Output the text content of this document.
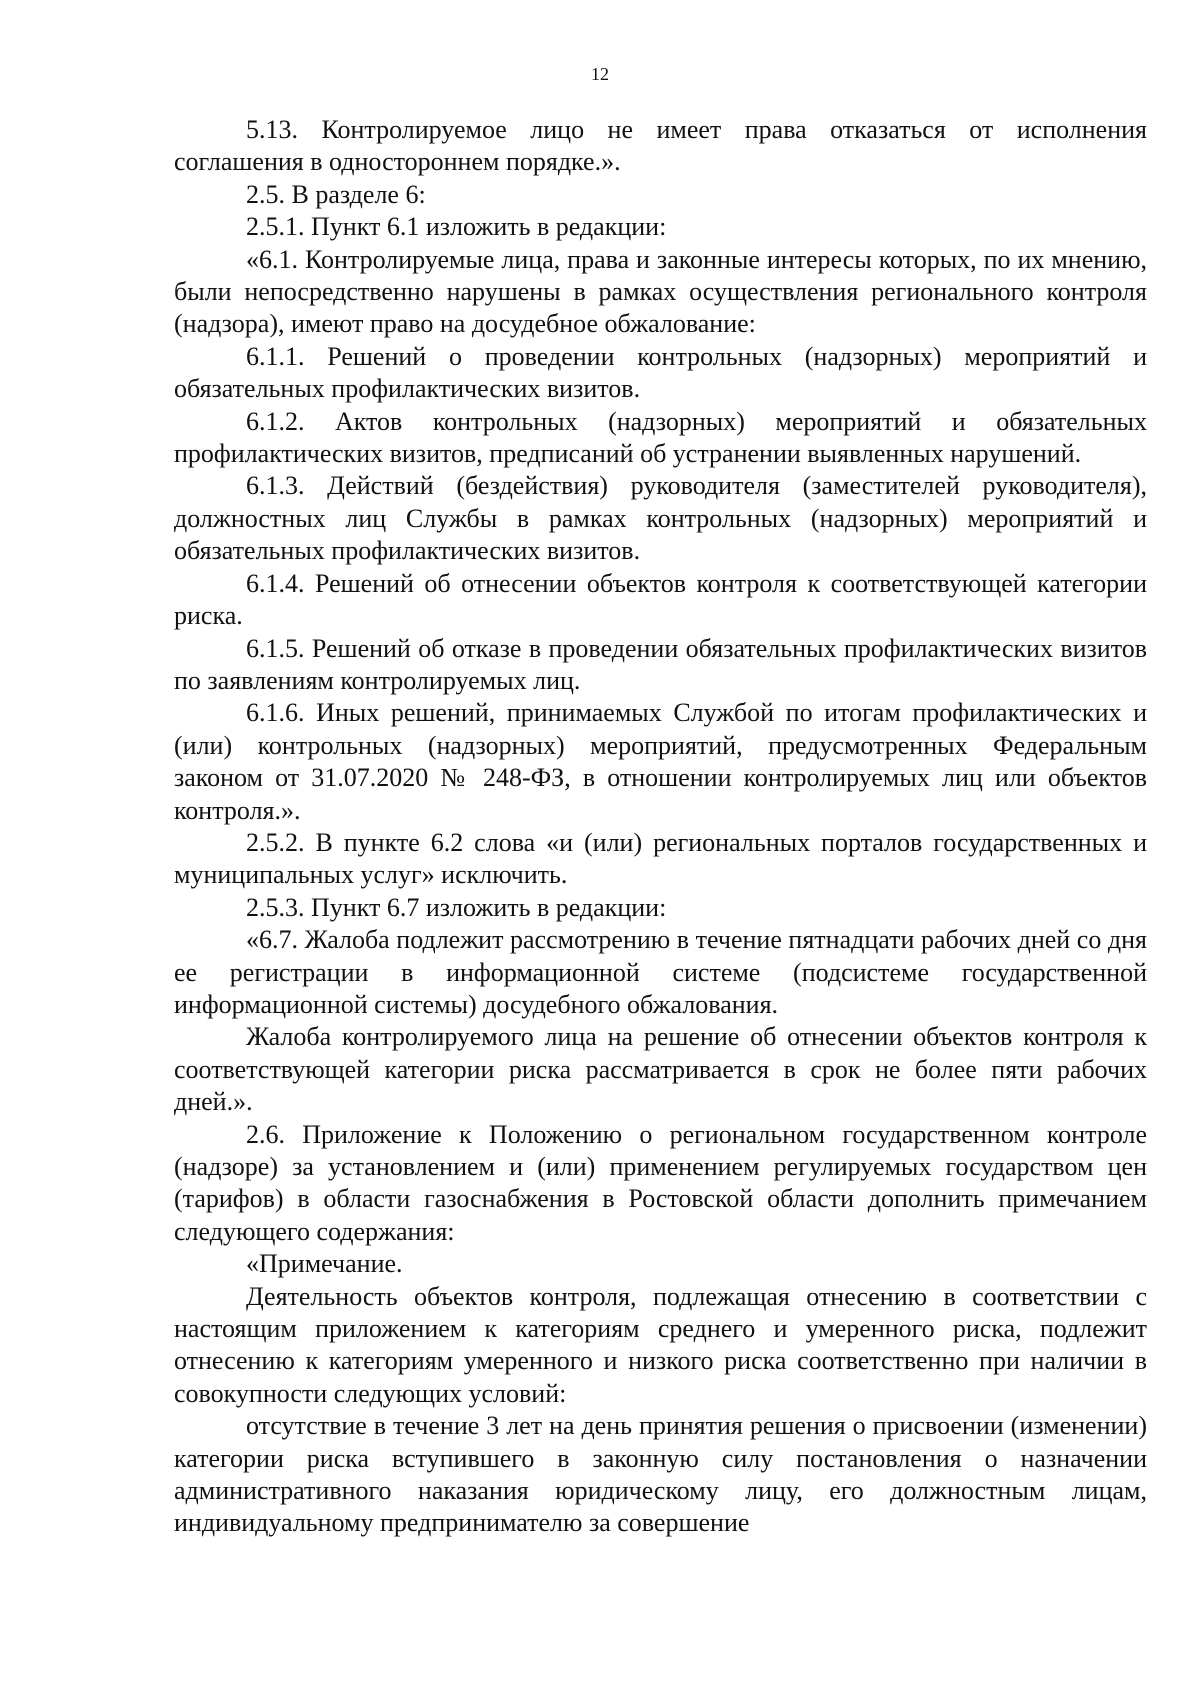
12

5.13. Контролируемое лицо не имеет права отказаться от исполнения соглашения в одностороннем порядке.».

2.5. В разделе 6:

2.5.1. Пункт 6.1 изложить в редакции:

«6.1. Контролируемые лица, права и законные интересы которых, по их мнению, были непосредственно нарушены в рамках осуществления регионального контроля (надзора), имеют право на досудебное обжалование:

6.1.1. Решений о проведении контрольных (надзорных) мероприятий и обязательных профилактических визитов.

6.1.2. Актов контрольных (надзорных) мероприятий и обязательных профилактических визитов, предписаний об устранении выявленных нарушений.

6.1.3. Действий (бездействия) руководителя (заместителей руководителя), должностных лиц Службы в рамках контрольных (надзорных) мероприятий и обязательных профилактических визитов.

6.1.4. Решений об отнесении объектов контроля к соответствующей категории риска.

6.1.5. Решений об отказе в проведении обязательных профилактических визитов по заявлениям контролируемых лиц.

6.1.6. Иных решений, принимаемых Службой по итогам профилактических и (или) контрольных (надзорных) мероприятий, предусмотренных Федеральным законом от 31.07.2020 № 248-ФЗ, в отношении контролируемых лиц или объектов контроля.».

2.5.2. В пункте 6.2 слова «и (или) региональных порталов государственных и муниципальных услуг» исключить.

2.5.3. Пункт 6.7 изложить в редакции:

«6.7. Жалоба подлежит рассмотрению в течение пятнадцати рабочих дней со дня ее регистрации в информационной системе (подсистеме государственной информационной системы) досудебного обжалования.

Жалоба контролируемого лица на решение об отнесении объектов контроля к соответствующей категории риска рассматривается в срок не более пяти рабочих дней.».

2.6. Приложение к Положению о региональном государственном контроле (надзоре) за установлением и (или) применением регулируемых государством цен (тарифов) в области газоснабжения в Ростовской области дополнить примечанием следующего содержания:

«Примечание.

Деятельность объектов контроля, подлежащая отнесению в соответствии с настоящим приложением к категориям среднего и умеренного риска, подлежит отнесению к категориям умеренного и низкого риска соответственно при наличии в совокупности следующих условий:

отсутствие в течение 3 лет на день принятия решения о присвоении (изменении) категории риска вступившего в законную силу постановления о назначении административного наказания юридическому лицу, его должностным лицам, индивидуальному предпринимателю за совершение
